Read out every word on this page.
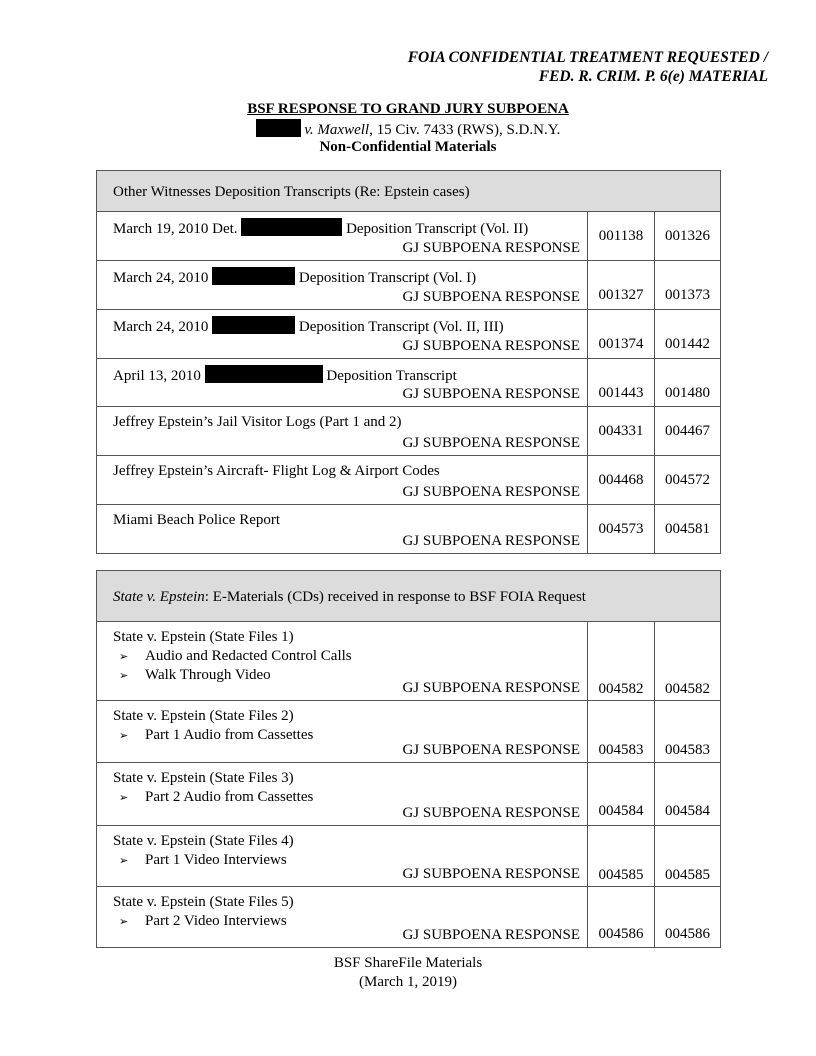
FOIA CONFIDENTIAL TREATMENT REQUESTED /
FED. R. CRIM. P. 6(e) MATERIAL
BSF RESPONSE TO GRAND JURY SUBPOENA
v. Maxwell, 15 Civ. 7433 (RWS), S.D.N.Y.
Non-Confidential Materials
Other Witnesses Deposition Transcripts (Re: Epstein cases)		

March 19, 2010 Det. Deposition Transcript (Vol. II)
GJ SUBPOENA RESPONSE	001138	001326

March 24, 2010 Deposition Transcript (Vol. I)
GJ SUBPOENA RESPONSE	001327	001373

March 24, 2010 Deposition Transcript (Vol. II, III)
GJ SUBPOENA RESPONSE	001374	001442

April 13, 2010 Deposition Transcript
GJ SUBPOENA RESPONSE	001443	001480

Jeffrey Epstein’s Jail Visitor Logs (Part 1 and 2)
GJ SUBPOENA RESPONSE	004331	004467

Jeffrey Epstein’s Aircraft- Flight Log & Airport Codes
GJ SUBPOENA RESPONSE	004468	004572

Miami Beach Police Report
GJ SUBPOENA RESPONSE	004573	004581
State v. Epstein: E-Materials (CDs) received in response to BSF FOIA Request		

State v. Epstein (State Files 1)
➢ Audio and Redacted Control Calls
➢ Walk Through Video
GJ SUBPOENA RESPONSE	004582	004582

State v. Epstein (State Files 2)
➢ Part 1 Audio from Cassettes
GJ SUBPOENA RESPONSE	004583	004583

State v. Epstein (State Files 3)
➢ Part 2 Audio from Cassettes
GJ SUBPOENA RESPONSE	004584	004584

State v. Epstein (State Files 4)
➢ Part 1 Video Interviews
GJ SUBPOENA RESPONSE	004585	004585

State v. Epstein (State Files 5)
➢ Part 2 Video Interviews
GJ SUBPOENA RESPONSE	004586	004586
BSF ShareFile Materials
(March 1, 2019)
